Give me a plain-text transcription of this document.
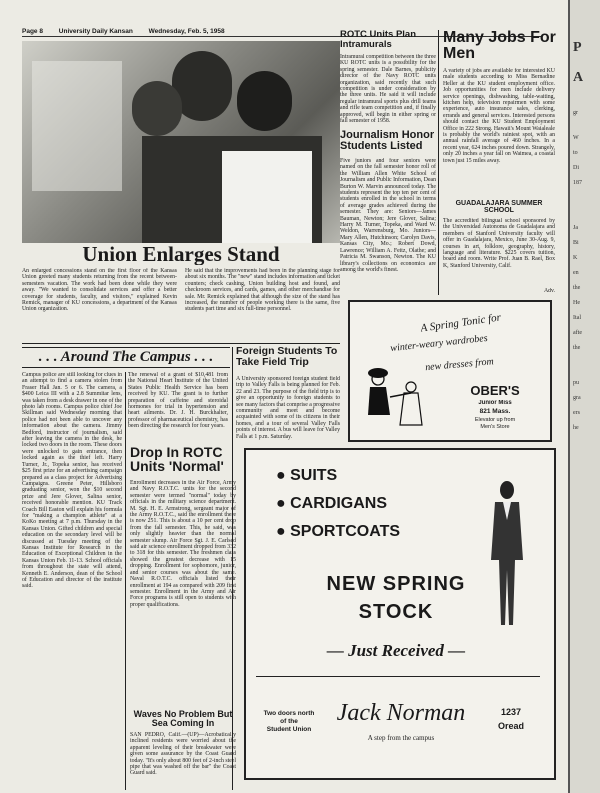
Page 8 University Daily Kansan Wednesday, Feb. 5, 1958
Union Enlarges Stand
An enlarged concessions stand on the first floor of the Kansas Union greeted many students returning from the recent between-semesters vacation. The work had been done while they were away. "We wanted to consolidate services and offer a better coverage for students, faculty, and visitors," explained Kevin Remick, manager of KU concessions, a department of the Kansas Union organization.
He said that the improvements had been in the planning stage for about six months. The "new" stand includes information and ticket counters; check cashing, Union building host and found, and checkroom services, and cards, games, and other merchandise for sale. Mr. Remick explained that although the size of the stand has increased, the number of people working there is the same, five students part time and six full-time personnel.
ROTC Units Plan Intramurals
Intramural competition between the three KU ROTC units is a possibility for the spring semester. Dale Barnes, publicity director of the Navy ROTC units organization, said recently that such competition is under consideration by the three units. He said it will include regular intramural sports plus drill teams and rifle team competition and, if finally approved, will begin in either spring or fall semester of 1958.
Journalism Honor Students Listed
Five juniors and four seniors were named on the fall semester honor roll of the William Allen White School of Journalism and Public Information, Dean Burton W. Marvin announced today. The students represent the top ten per cent of students enrolled in the school in terms of average grades achieved during the semester. They are: Seniors—James Bauman, Newton; Jere Glover, Salina; Harry M. Turner, Topeka, and Ward W. Weldon, Warrensburg, Mo. Juniors—Mary Allen, Hutchinson; Carolyn Davis, Kansas City, Mo.; Robert Dowd, Lawrence; William A. Feitz, Olathe; and Patricia M. Swanson, Newton. The KU library's collections on economics are among the world's finest.
Many Jobs For Men
A variety of jobs are available for interested KU male students according to Miss Bernadine Heller at the KU student employment office. Job opportunities for men include delivery service openings, dishwashing, table-waiting, kitchen help, television repairmen with some experience, auto insurance sales, clerking, errands and general services. Interested persons should contact the KU Student Employment Office in 222 Strong. Hawaii's Mount Waialeale is probably the world's rainiest spot, with an annual rainfall average of 460 inches. In a recent year, 624 inches poured down. Strangely, only 20 inches a year fall on Waimea, a coastal town just 15 miles away.
GUADALAJARA SUMMER SCHOOL
The accredited bilingual school sponsored by the Universidad Autonoma de Guadalajara and members of Stanford University faculty will offer in Guadalajara, Mexico, June 30-Aug. 9, courses in art, folklore, geography, history, language and literature. $225 covers tuition, board and room. Write Prof. Juan B. Rael, Box K, Stanford University, Calif.
Adv.
. . . Around The Campus . . .
Campus police are still looking for clues in an attempt to find a camera stolen from Fraser Hall Jan. 5 or 6. The camera, a $400 Leica III with a 2.8 Summitar lens, was taken from a desk drawer in one of the photo lab rooms. Campus police chief Joe Skillman said Wednesday morning that police had not been able to uncover any information about the camera. Jimmy Bedford, instructor of journalism, said after leaving the camera in the desk, he locked two doors in the room. These doors were unlocked to gain entrance, then locked again as the thief left. Harry Turner, Jr., Topeka senior, has received $25 first prize for an advertising campaign prepared as a class project for Advertising Campaigns. Greene Peter, Hillsboro graduating senior, won the $10 second prize and Jere Glover, Salina senior, received honorable mention. KU Track Coach Bill Easton will explain his formula for "making a champion athlete" at a KoKo meeting at 7 p.m. Thursday in the Kansas Union. Gifted children and special education on the secondary level will be discussed at Tuesday meeting of the Kansas Institute for Research in the Education of Exceptional Children in the Kansas Union Feb. 11-13. School officials from throughout the state will attend, Kenneth E. Anderson, dean of the School of Education and director of the institute said.
The renewal of a grant of $10,481 from the National Heart Institute of the United States Public Health Service has been received by KU. The grant is to further preparation of caffeine and steroidal hormones for trial in hypertension and heart ailments. Dr. J. H. Burckhalter, professor of pharmaceutical chemistry, has been directing the research for four years.
Foreign Students To Take Field Trip
A University sponsored foreign student field trip to Valley Falls is being planned for Feb. 22 and 23. The purpose of the field trip is to give an opportunity to foreign students to see many factors that comprise a progressive community and meet and become acquainted with some of its citizens in their homes, and a tour of several Valley Falls points of interest. A bus will leave for Valley Falls at 1 p.m. Saturday.
Drop In ROTC Units 'Normal'
Enrollment decreases in the Air Force, Army and Navy R.O.T.C. units for the second semester were termed "normal" today by officials in the military science department. M. Sgt. H. E. Armstrong, sergeant major of the Army R.O.T.C., said the enrollment there is now 251. This is about a 10 per cent drop from the fall semester. This, he said, was only slightly heavier than the normal semester slump. Air Force Sgt. J. E. Carlsed said air science enrollment dropped from 332 to 318 for this semester. The freshmen class showed the greatest decrease with 15 dropping. Enrollment for sophomore, junior, and senior courses was about the same. Naval R.O.T.C. officials listed their enrollment at 194 as compared with 209 first semester. Enrollment in the Army and Air Force programs is still open to students with proper qualifications.
Waves No Problem But Sea Coming In
SAN PEDRO, Calif.—(UP)—Acrobatically inclined residents were worried about the apparent leveling of their breakwater were given some assurance by the Coast Guard today. "It's only about 800 feet of 2-inch steel pipe that was washed off the bar" the Coast Guard said.
A Spring Tonic for
winter-weary wardrobes
new dresses from
OBER'S
Junior Miss
821 Mass.
Elevator up from
Men's Store
● SUITS
● CARDIGANS
● SPORTCOATS
NEW SPRING
STOCK
— Just Received —
Two doors north
of the
Student Union
Jack Norman
A step from the campus
1237
Oread
P
A
gr
W
to
Di
187
Ja
Bi
K
en
the
He
Ital
afte
the
pu
gra
ers
he
